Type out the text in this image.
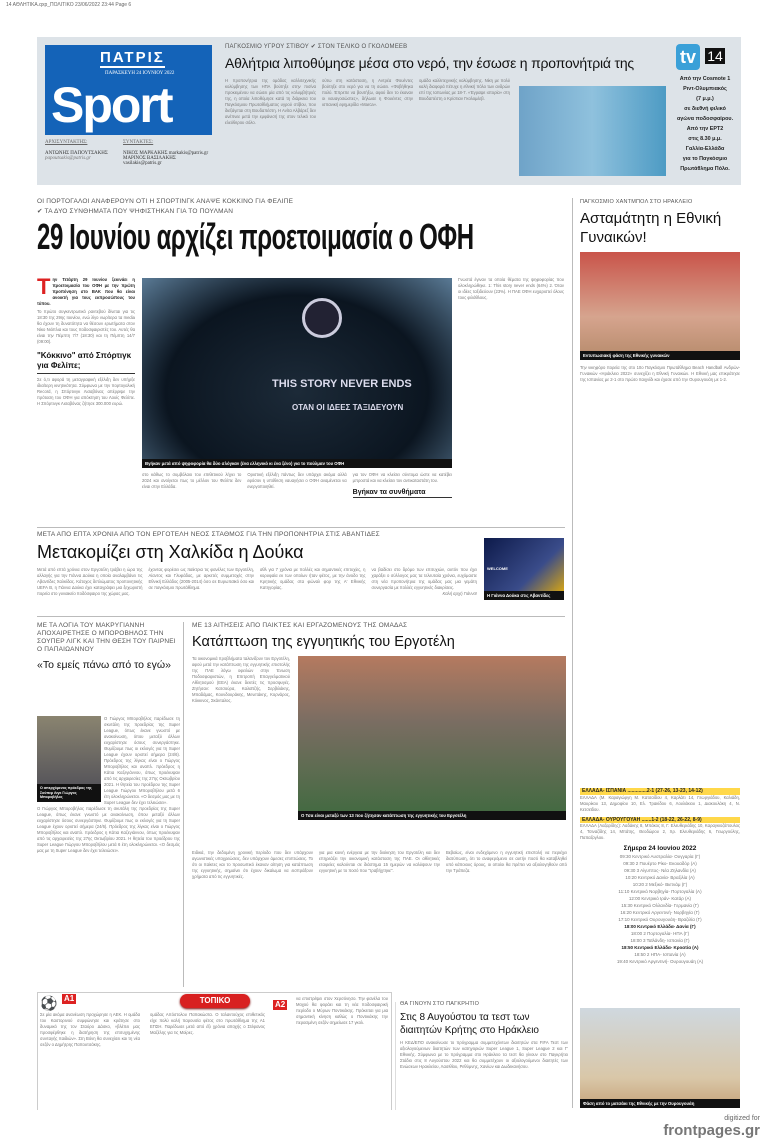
14 ΑΘΛΗΤΙΚΑ.qxp_ΠΟΛΙΤΙΚΟ 23/06/2022 23:44 Page 6
ΠΑΤΡΙΣ
ΠΑΡΑΣΚΕΥΗ 24 ΙΟΥΝΙΟΥ 2022
Sport
ΑΡΧΙΣΥΝΤΑΚΤΗΣ:
ΑΝΤΩΝΗΣ ΠΑΠΟΥΤΣΑΚΗΣ
papoutsakis@patris.gr
ΣΥΝΤΑΚΤΕΣ:
ΝΙΚΟΣ ΜΑΡΚΑΚΗΣ markakis@patris.gr
ΜΑΡΙΝΟΣ ΒΑΣΙΛΑΚΗΣ vasilakis@patris.gr
ΠΑΓΚΟΣΜΙΟ ΥΓΡΟΥ ΣΤΙΒΟΥ ✔ ΣΤΟΝ ΤΕΛΙΚΟ Ο ΓΚΟΛΟΜΕΕΒ
Αθλήτρια λιποθύμησε μέσα στο νερό, την έσωσε η προπονήτριά της
Η προπονήτρια της ομάδας καλλιτεχνικής κολύμβησης των ΗΠΑ βούτηξε στην πισίνα προκειμένου να σώσει μία από τις κολυμβήτριές της, η οποία λιποθύμησε κατά τη διάρκεια του Παγκόσμιου Πρωταθλήματος υγρού στίβου, που διεξάγεται στη Βουδαπέστη. Η Ανίτα Αλβάρεζ δεν ανέπνεε μετά την εμφάνισή της στον τελικό του ελεύθερου σόλο.
ούτω στη κατάσταση, η Αντρέα Φουέντες βούτηξε στο νερό για να τη σώσει. «Φοβήθηκα πολύ. Έπρεπε να βουτήξω, αφού δεν το έκαναν οι ναυαγοσώστες», δήλωσε η Φουέντες στην ισπανική εφημερίδα «Marca».
ομάδα καλλιτεχνικής κολύμβησης. Νίκη με πολύ καλή διαφορά πέτυχε η εθνική πόλο των ανδρών επί της Ιαπωνίας με 18-7. «Έγραψε ιστορία» στη Βουδαπέστη ο Κρίστιαν Γκολομέεβ.
tv 14
Από την Cosmote 1
Ριντ-Ολυμπιακός
(7 μ.μ.)
σε διεθνή φιλικό
αγώνα ποδοσφαίρου.
Από την ΕΡΤ2
στις 8.30 μ.μ.
Γαλλία-Ελλάδα
για το Παγκόσμιο
Πρωτάθλημα Πόλο.
ΟΙ ΠΟΡΤΟΓΑΛΟΙ ΑΝΑΦΕΡΟΥΝ ΟΤΙ Η ΣΠΟΡΤΙΝΓΚ ΑΝΑΨΕ ΚΟΚΚΙΝΟ ΓΙΑ ΦΕΛΙΠΕ
✔ ΤΑ ΔΥΟ ΣΥΝΘΗΜΑΤΑ ΠΟΥ ΨΗΦΙΣΤΗΚΑΝ ΓΙΑ ΤΟ ΠΟΥΛΜΑΝ
29 Ιουνίου αρχίζει προετοιμασία ο ΟΦΗ
Την Τετάρτη 29 Ιουνίου ξεκινάει η προετοιμασία του ΟΦΗ με την πρώτη προπόνηση στο ΒΑΚ που θα είναι ανοικτή για τους εκπροσώπους του τύπου.
Το πρώτο συγκεντρωτικό ραντεβού δίνεται για τις 18:30 της 29ης Ιουνίου, ενώ λίγο νωρίτερα τα media θα έχουν τη δυνατότητα να θέσουν ερωτήματα στον Νίκο Νιόπλια και τους ποδοσφαιριστές του. Αυτές θα είναι την Πέμπτη 7/7 (18:30) και τη Πέμπτη 14/7 (09:00).
"Κόκκινο" από Σπόρτιγκ για Φελίπε;
Σε ό,τι αφορά τη μεταγραφική εξέλιξη δεν υπήρξε ιδιαίτερη κινητικότητα. Σύμφωνα με την πορτογαλική Record, η Σπόρτινγκ Λισαβόνας απέρριψε την πρόταση του ΟΦΗ για απόκτηση του Λουίς Φελίπε. Η Σπόρτινγκ Λισαβόνας ζήτησε 300.000 ευρώ.
THIS STORY NEVER ENDS
ΟΤΑΝ ΟΙ ΙΔΕΕΣ ΤΑΞΙΔΕΥΟΥΝ
Βγήκαν μετά από ψηφοφορία θα δύο σλόγκαν (ένα ελληνικό κι ένα ξένο) για το πούλμαν του ΟΦΗ
Γνωστά έγιναν τα οποία θέματα της ψηφοφορίας που ολοκληρώθηκε. 1: This story never ends (64%) 2. Όταν οι ιδέες ταξιδεύουν (23%). Η ΠΑΕ ΟΦΗ ευχαριστεί όλους τους φιλάθλους.
στο κάθως το συμβόλαιο του επιθετικού λήγει το 2024 και ανοίγεται πως το μέλλον του Φελίπε δεν είναι στην Ελλάδα.
Οριστική εξέλιξη πάντως δεν υπάρχει ακόμα αλλά εφόσον η υπόθεση ναυαγήσει ο ΟΦΗ αναμένεται να ενεργοποιηθεί.
για τον ΟΦΗ να κλείσει σύντομα ώστε να κατέβει μπροστά και να κλείσει τον αντικαταστάτη του.
Βγήκαν τα συνθήματα
ΜΕΤΑ ΑΠΟ ΕΠΤΑ ΧΡΟΝΙΑ ΑΠΟ ΤΟΝ ΕΡΓΟΤΕΛΗ ΝΕΟΣ ΣΤΑΘΜΟΣ ΓΙΑ ΤΗΝ ΠΡΟΠΟΝΗΤΡΙΑ ΣΤΙΣ ΑΒΑΝΤΙΔΕΣ
Μετακομίζει στη Χαλκίδα η Δούκα
Μετά από επτά χρόνια στον Εργοτέλη τράβει η ώρα της αλλαγής για την Γιάννα Δούκα η οποία αναλαμβάνει τις Αβαντίδες Χαλκίδας. Κάτοχος διπλώματος προπονητικής UEFA B, η Γιάννα Δούκα έχει καταγράψει μια ξεχωριστή πορεία στο γυναικείο ποδόσφαιρο της χώρας μας.
έχοντας φορέσει ως παίκτρια τις φανέλες των Εργοτέλη, Αίαντος και Γλυφάδας, με αρκετές συμμετοχές στην Εθνική Ελλάδος (2005-2014) όσο σε Ευρωπαϊκό όσο και σε παγκόσμιο πρωτάθλημα.
αθλ για 7 χρόνια με πολλές και σημαντικές επιτυχίες, η κορυφαία εκ των οποίων ήταν φέτος, με την άνοδο της Κρητικής ομάδας στα φώναλ φορ της Α' Εθνικής Κατηγορίας.
να βαδίσει στο δρόμο των επιτυχιών, αυτόν που έχει χαράξει ο σύλλογος μας τα τελευταία χρόνια, ευχόμαστε στη νέα προπονήτρια της ομάδας μας μια γεμάτη συνεργασία με πολλές εγγυητικές διακρίσεις.
Καλή αρχή Γιάννα!
WELCOME
Η Γιάννα Δούκα στις Αβαντίδες
ΜΕ ΤΑ ΛΟΓΙΑ ΤΟΥ ΜΑΚΡΥΓΙΑΝΝΗ ΑΠΟΧΑΙΡΕΤΗΣΕ Ο ΜΠΟΡΟΒΗΛΟΣ ΤΗΝ ΣΟΥΠΕΡ ΛΙΓΚ ΚΑΙ ΤΗΝ ΘΕΣΗ ΤΟΥ ΠΑΙΡΝΕΙ Ο ΠΑΠΑΙΩΑΝΝΟΥ
«Το εμείς πάνω από το εγώ»
Ο απερχόμενος πρόεδρος της Σούπερ Λιγκ Γιώργος Μποροβήλος
Ο Γιώργος Μποροβήλος παρέδωσε τη σκυτάλη της προεδρίας της Super League, όπως έκανε γνωστό με ανακοίνωση, όπου μεταξύ άλλων ευχαρίστησε όσους συνεργάστηκε. Θυμίζουμε πως οι εκλογές για τη Super League έχουν οριστεί σήμερα (24/6). Πρόεδρος της λίγκας είναι ο Γιώργος Μποροβήλος και αναπλ. πρόεδρος η Κάτια Καζεγιάννου, όπως προέκυψαν από τις αρχαιρεσίες της 27ης Οκτωβρίου 2021. Η θητεία του προέδρου της Super League Γιώργου Μποροβήλου μετά 6 έτη ολοκληρώνεται. «Ο δεσμός μας με τη Super League δεν έχει τελειώσει».
Ο Γιώργος Μποροβήλος παρέδωσε τη σκυτάλη της προεδρίας της Super League, όπως έκανε γνωστό με ανακοίνωση, όπου μεταξύ άλλων ευχαρίστησε όσους συνεργάστηκε. Θυμίζουμε πως οι εκλογές για τη Super League έχουν οριστεί σήμερα (24/6). Πρόεδρος της λίγκας είναι ο Γιώργος Μποροβήλος και αναπλ. πρόεδρος η Κάτια Καζεγιάννου, όπως προέκυψαν από τις αρχαιρεσίες της 27ης Οκτωβρίου 2021. Η θητεία του προέδρου της Super League Γιώργου Μποροβήλου μετά 6 έτη ολοκληρώνεται. «Ο δεσμός μας με τη Super League δεν έχει τελειώσει».
ΜΕ 13 ΑΙΤΗΣΕΙΣ ΑΠΟ ΠΑΙΚΤΕΣ ΚΑΙ ΕΡΓΑΖΟΜΕΝΟΥΣ ΤΗΣ ΟΜΑΔΑΣ
Κατάπτωση της εγγυητικής του Εργοτέλη
Τα οικονομικά προβλήματα ταλανίζουν τον Εργοτέλη, αφού μετά την κατάπτωση της εγγυητικής επιστολής της ΠΑΕ λόγω οφειλών στην Ένωση Ποδοσφαιριστών, η Επιτροπή Επαγγελματικού Αθλητισμού (ΕΕΑ) έκανε δεκτές τις προσφυγές. Ζητήσαν: Κατσούρα, Καλαϊτζής, Σερβιλάκης, Μπαδάμας, Κουνδουράκης, Μενετάκης, Κορνάρος, Κόκκινος, Σκάνταλος.
Ο Τσα είναι μεταξύ των 13 που ζήτησαν κατάπτωση της εγγυητικής του Εργοτέλη
Ειδικά, την δεδομένη χρονική περίοδο που δεν υπάρχουν αγωνιστικές υποχρεώσεις, δεν υπάρχουν άμεσες επιπτώσεις. Το ότι οι παίκτες και το προσωπικό έκαναν αίτηση για κατάπτωση της εγγυητικής, σημαίνει ότι έχουν δικαίωμα να εισπράξουν χρήματα από τις εγγυητικές.
για μια κοινή ενέργεια με την διοίκηση του Εργοτέλη και δεν επηρεάζει την οικονομική κατάσταση της ΠΑΕ. Οι αθλητικές εταιρείες καλούνται σε διάστημα 15 ημερών να καλύψουν την εγγυητική με το ποσό που "τραβήχτηκε".
Βεβαίως, είναι ενδεχόμενο η εγγυητική επιστολή να περιέχει διατύπωση, ότι το αναφερόμενο σε αυτήν ποσό θα καταβληθεί υπό κάποιους όρους, οι οποίοι θα πρέπει να αξιολογηθούν από την Τράπεζα.
ΠΑΓΚΟΣΜΙΟ ΧΑΝΤΜΠΟΛ ΣΤΟ ΗΡΑΚΛΕΙΟ
Ασταμάτητη η Εθνική Γυναικών!
Εντυπωσιακή φάση της Εθνικής γυναικών
Την νικηφόρο πορεία της στο 10ο Παγκόσμιο Πρωτάθλημα Beach Handball Ανδρών-Γυναικών «Ηράκλειο 2022» συνεχίζει η Εθνική Γυναικών. Η Εθνική μας επικράτησε της Ισπανίας με 2-1 στο πρώτο παιχνίδι και έχασε από την Ουρουγουάη με 1-2.
ΕΛΛΑΔΑ- ΙΣΠΑΝΙΑ ..............2-1 (27-26, 13-23, 14-12)
ΕΛΛΑΔΑ (Μ. Καραγιώργη Μ. Κατσαίδου 4, Καρλάτι 14, Γεωργιάδου, Καλιάδη, Μαυρίκου 13, Δημοφίου 10, Ελ. Τρακίδου 6, Λουλάκιου 1, Διακουλάκη 4, Ν. Κετσεϊδου.
ΕΛΛΑΔΑ- ΟΥΡΟΥΓΟΥΑΗ .......1-2 (18-22, 26-22, 8-9)
ΕΛΛΑΔΑ (Λαζαρίδης): Λαδάκης 8, Μπάκος 8, Γ. Ελευθεριάδης 10, Καραγκιοζόπουλος 4, Τσιναζίδης 14, Μπάτης, Θεοδώρου 2, Χρ. Ελευθεριάδης 6, Γεωργούλης, Παπαζογλου.
Σήμερα 24 Ιουνίου 2022
09:30 Κεντρικό Αυστραλία- Ουγγαρία (Γ)
09:30 2 Πουέρτο Ρίκο- Εκουαδόρ (Α)
09:30 3 Αίγυπτος- Νέα Ζηλανδία (Α)
10:20 Κεντρικό Δανία- Βραζιλία (Α)
10:20 2 Μεξικό- Βιετνάμ (Γ)
11:10 Κεντρικό Νορβηγία- Πορτογαλία (Α)
12:00 Κεντρικό Ιράν- Κατάρ (Α)
15:30 Κεντρικό Ολλανδία- Γερμανία (Γ)
16:20 Κεντρικό Αργεντινή- Νορβηγία (Γ)
17:10 Κεντρικό Ουρουγουάη- Βραζιλία (Γ)
18:00 Κεντρικό Ελλάδα- Δανία (Γ)
18:00 2 Πορτογαλία- ΗΠΑ (Γ)
18:00 3 Ταϊλάνδη- Ισπανία (Γ)
18:50 Κεντρικό Ελλάδα- Κροατία (Α)
18:50 2 ΗΠΑ- Ισπανία (Α)
19:40 Κεντρικό Αργεντινή- Ουρουγουάη (Α)
ΤΟΠΙΚΟ
⚽ A1
Σε μία ακόμα ανανέωση προχώρησε η ΑΕΚ. Η ομάδα του Καστορινού συμφώνησε και κράτησε στο δυναμικό της τον Σταύρο Δάσκο, «βλέπει μας προσφέρθηκε η διατήρηση της επιτυχημένης συνταγής παιδιών». Στη Βόνη θα συνεχίσει και τη νέα σεζόν ο Δημήτρης Παπουτσάκης.
ομάδας Απόστολου Παπακώστα. Ο ταλαντούχος επιθετικός είχε πολύ καλή παρουσία φέτος στο πρωτάθλημα της Α1 ΕΠΣΗ. Παρέδωσε μετά από έξι χρόνια αποχής ο Στέφανος Μαζέλης για τις Μοίρες.
A2
να επιστρέψει στον Χερσόνησο. Την φανέλα του Μοχού θα φοράει και τη νέα ποδοσφαιρική περίοδο ο Μύρων Ποντικάκης. Πρόκειται για μια σημαντική κίνηση καθώς ο Ποντικάκης την περασμένη σεζόν σημείωσε 17 γκολ.
ΘΑ ΓΙΝΟΥΝ ΣΤΟ ΠΑΓΚΡΗΤΙΟ
Στις 8 Αυγούστου τα τεστ των διαιτητών Κρήτης στο Ηράκλειο
Η ΚΕΔ/ΕΠΟ ανακοίνωσε το πρόγραμμα συμμετεχόντων διαιτητών στα FIFA Τεστ των αξιολογούμενων διαιτητών των κατηγοριών Super League 1, Super League 2 και Γ' Εθνικής. Σύμφωνα με το πρόγραμμα στο Ηράκλειο τα τεστ θα γίνουν στο Παγκρήτιο Στάδιο στις 8 Αυγούστου 2022 και θα συμμετέχουν οι αξιολογούμενοι διαιτητές των Ενώσεων Ηρακλείου, Λασιθίου, Ρεθύμνης, Χανίων και Δωδεκανήσου.
Φάση από το ματσάκι της Εθνικής με την Ουρουγουάη
digitized for
frontpages.gr
